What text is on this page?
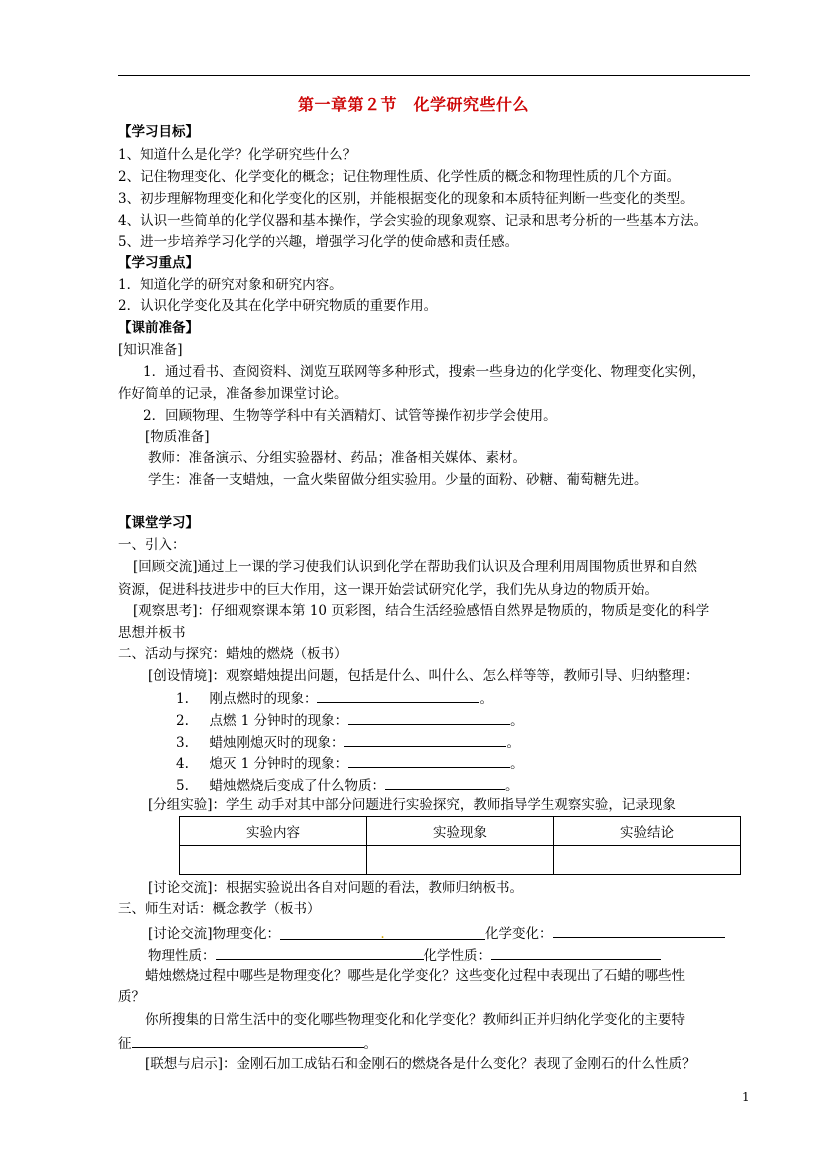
第一章第２节　化学研究些什么
【学习目标】
1、知道什么是化学？化学研究些什么？
2、记住物理变化、化学变化的概念；记住物理性质、化学性质的概念和物理性质的几个方面。
3、初步理解物理变化和化学变化的区别，并能根据变化的现象和本质特征判断一些变化的类型。
4、认识一些简单的化学仪器和基本操作，学会实验的现象观察、记录和思考分析的一些基本方法。
5、进一步培养学习化学的兴趣，增强学习化学的使命感和责任感。
【学习重点】
1．知道化学的研究对象和研究内容。
2．认识化学变化及其在化学中研究物质的重要作用。
【课前准备】
[知识准备]
1．通过看书、查阅资料、浏览互联网等多种形式，搜索一些身边的化学变化、物理变化实例，
作好简单的记录，准备参加课堂讨论。
2．回顾物理、生物等学科中有关酒精灯、试管等操作初步学会使用。
[物质准备]
教师：准备演示、分组实验器材、药品；准备相关媒体、素材。
学生：准备一支蜡烛，一盒火柴留做分组实验用。少量的面粉、砂糖、葡萄糖先进。
【课堂学习】
一、引入：
[回顾交流]通过上一课的学习使我们认识到化学在帮助我们认识及合理利用周围物质世界和自然
资源，促进科技进步中的巨大作用，这一课开始尝试研究化学，我们先从身边的物质开始。
[观察思考]：仔细观察课本第 10 页彩图，结合生活经验感悟自然界是物质的，物质是变化的科学
思想并板书
二、活动与探究：蜡烛的燃烧（板书）
[创设情境]：观察蜡烛提出问题，包括是什么、叫什么、怎么样等等，教师引导、归纳整理：
1. 刚点燃时的现象：	。
2. 点燃 1 分钟时的现象：	。
3. 蜡烛刚熄灭时的现象：	。
4. 熄灭 1 分钟时的现象：	。
5. 蜡烛燃烧后变成了什么物质：	。
[分组实验]：学生 动手对其中部分问题进行实验探究，教师指导学生观察实验，记录现象
实验内容	实验现象	实验结论

[讨论交流]：根据实验说出各自对问题的看法，教师归纳板书。
三、师生对话：概念教学（板书）
[讨论交流]物理变化：	.	化学变化：
物理性质：	化学性质：
蜡烛燃烧过程中哪些是物理变化？哪些是化学变化？这些变化过程中表现出了石蜡的哪些性
质？
你所搜集的日常生活中的变化哪些物理变化和化学变化？教师纠正并归纳化学变化的主要特
征	。
[联想与启示]：金刚石加工成钻石和金刚石的燃烧各是什么变化？表现了金刚石的什么性质？
1
